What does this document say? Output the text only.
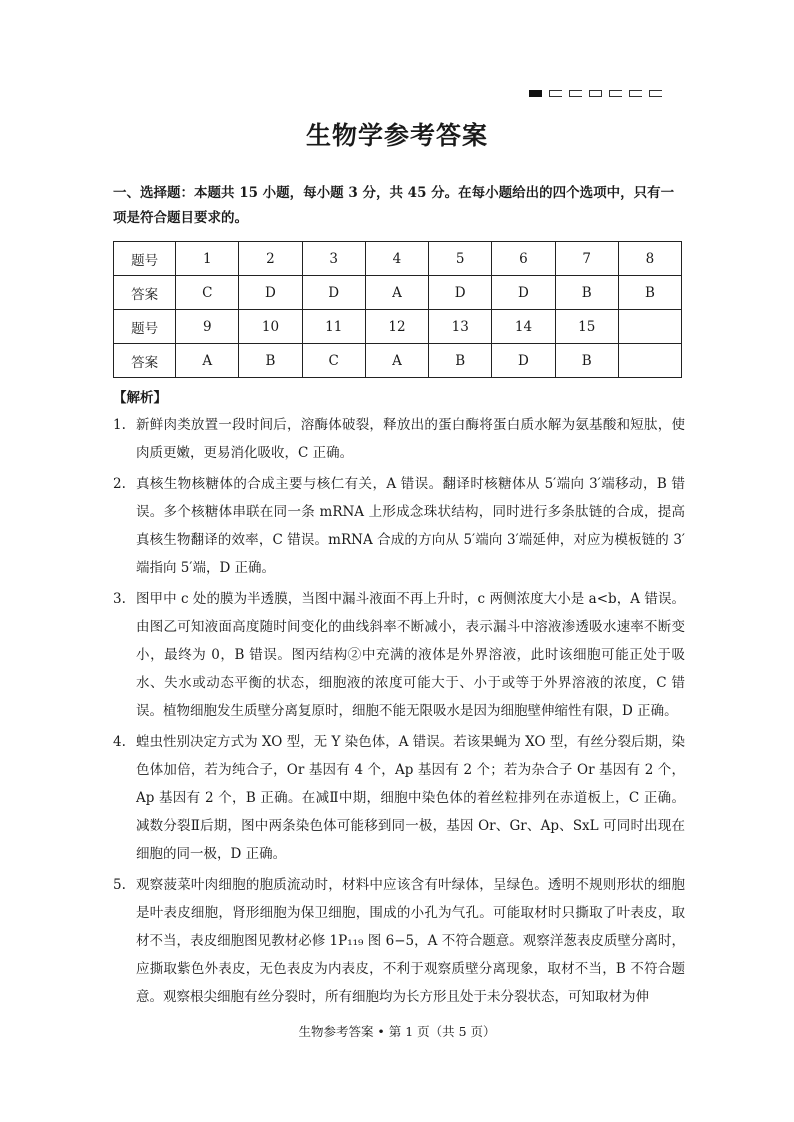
生物学参考答案
一、选择题：本题共 15 小题，每小题 3 分，共 45 分。在每小题给出的四个选项中，只有一项是符合题目要求的。
题号	1	2	3	4	5	6	7	8
答案	C	D	D	A	D	D	B	B
题号	9	10	11	12	13	14	15	
答案	A	B	C	A	B	D	B	
【解析】
1. 新鲜肉类放置一段时间后，溶酶体破裂，释放出的蛋白酶将蛋白质水解为氨基酸和短肽，使肉质更嫩，更易消化吸收，C 正确。
2. 真核生物核糖体的合成主要与核仁有关，A 错误。翻译时核糖体从 5′端向 3′端移动，B 错误。多个核糖体串联在同一条 mRNA 上形成念珠状结构，同时进行多条肽链的合成，提高真核生物翻译的效率，C 错误。mRNA 合成的方向从 5′端向 3′端延伸，对应为模板链的 3′端指向 5′端，D 正确。
3. 图甲中 c 处的膜为半透膜，当图中漏斗液面不再上升时，c 两侧浓度大小是 a<b，A 错误。由图乙可知液面高度随时间变化的曲线斜率不断减小，表示漏斗中溶液渗透吸水速率不断变小，最终为 0，B 错误。图丙结构②中充满的液体是外界溶液，此时该细胞可能正处于吸水、失水或动态平衡的状态，细胞液的浓度可能大于、小于或等于外界溶液的浓度，C 错误。植物细胞发生质壁分离复原时，细胞不能无限吸水是因为细胞壁伸缩性有限，D 正确。
4. 蝗虫性别决定方式为 XO 型，无 Y 染色体，A 错误。若该果蝇为 XO 型，有丝分裂后期，染色体加倍，若为纯合子，Or 基因有 4 个，Ap 基因有 2 个；若为杂合子 Or 基因有 2 个，Ap 基因有 2 个，B 正确。在减Ⅱ中期，细胞中染色体的着丝粒排列在赤道板上，C 正确。减数分裂Ⅱ后期，图中两条染色体可能移到同一极，基因 Or、Gr、Ap、SxL 可同时出现在细胞的同一极，D 正确。
5. 观察菠菜叶肉细胞的胞质流动时，材料中应该含有叶绿体，呈绿色。透明不规则形状的细胞是叶表皮细胞，肾形细胞为保卫细胞，围成的小孔为气孔。可能取材时只撕取了叶表皮，取材不当，表皮细胞图见教材必修 1P₁₁₉ 图 6−5，A 不符合题意。观察洋葱表皮质壁分离时，应撕取紫色外表皮，无色表皮为内表皮，不利于观察质壁分离现象，取材不当，B 不符合题意。观察根尖细胞有丝分裂时，所有细胞均为长方形且处于未分裂状态，可知取材为伸
生物参考答案 • 第 1 页（共 5 页）
